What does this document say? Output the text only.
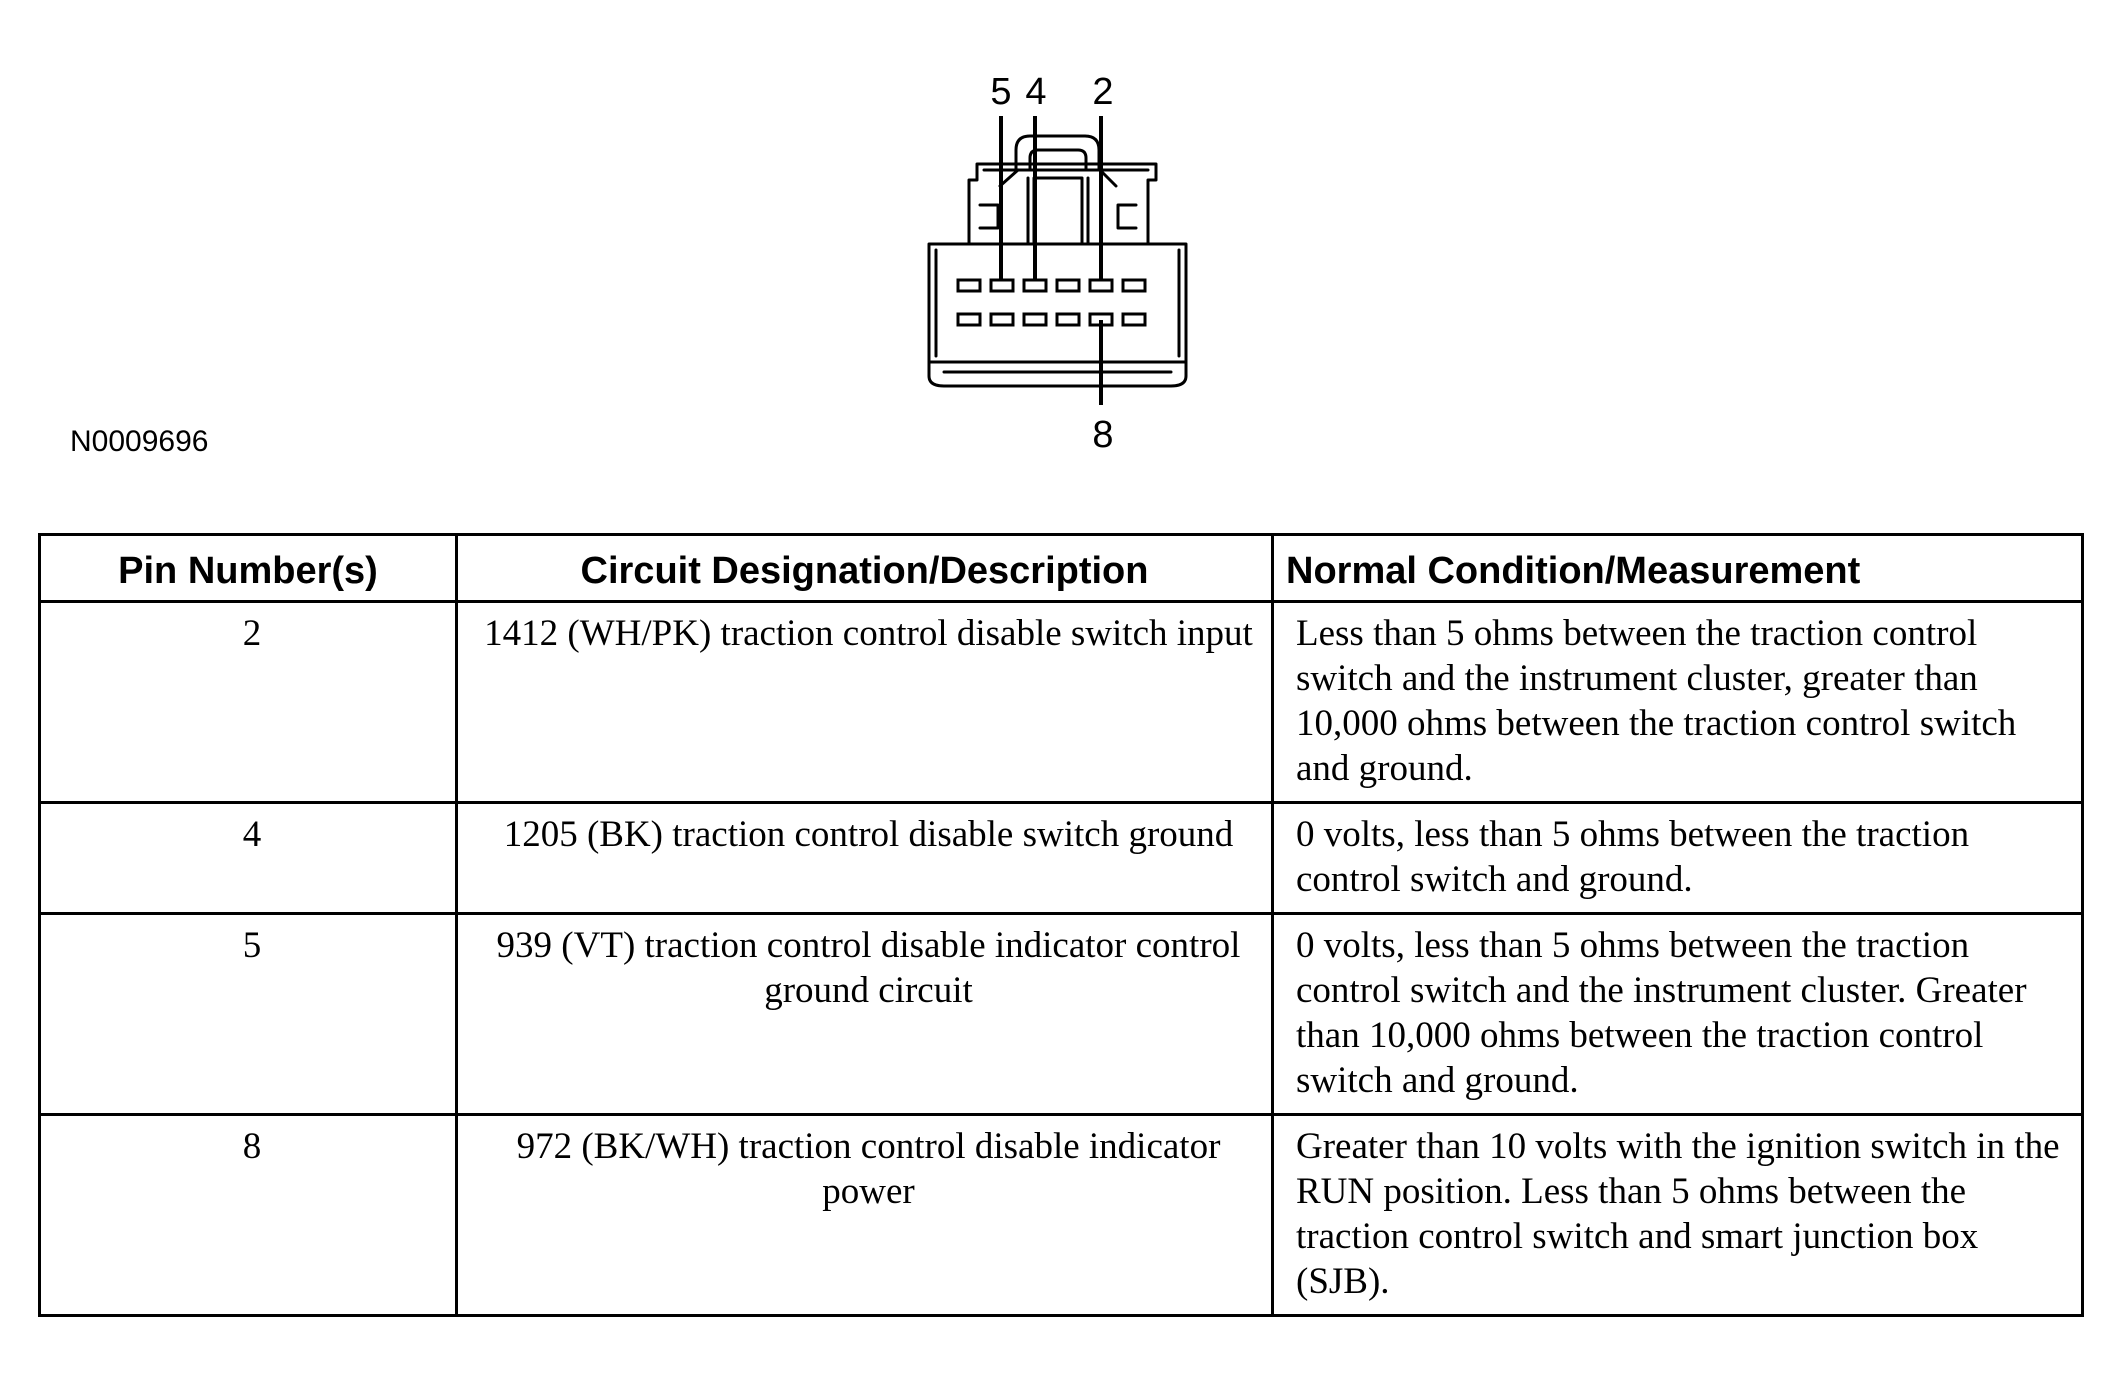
5 4 2
8
N0009696
Pin Number(s)	Circuit Designation/Description	Normal Condition/Measurement
2	1412 (WH/PK) traction control disable switch input	Less than 5 ohms between the traction control switch and the instrument cluster, greater than 10,000 ohms between the traction control switch and ground.
4	1205 (BK) traction control disable switch ground	0 volts, less than 5 ohms between the traction control switch and ground.
5	939 (VT) traction control disable indicator control ground circuit	0 volts, less than 5 ohms between the traction control switch and the instrument cluster. Greater than 10,000 ohms between the traction control switch and ground.
8	972 (BK/WH) traction control disable indicator power	Greater than 10 volts with the ignition switch in the RUN position. Less than 5 ohms between the traction control switch and smart junction box (SJB).
